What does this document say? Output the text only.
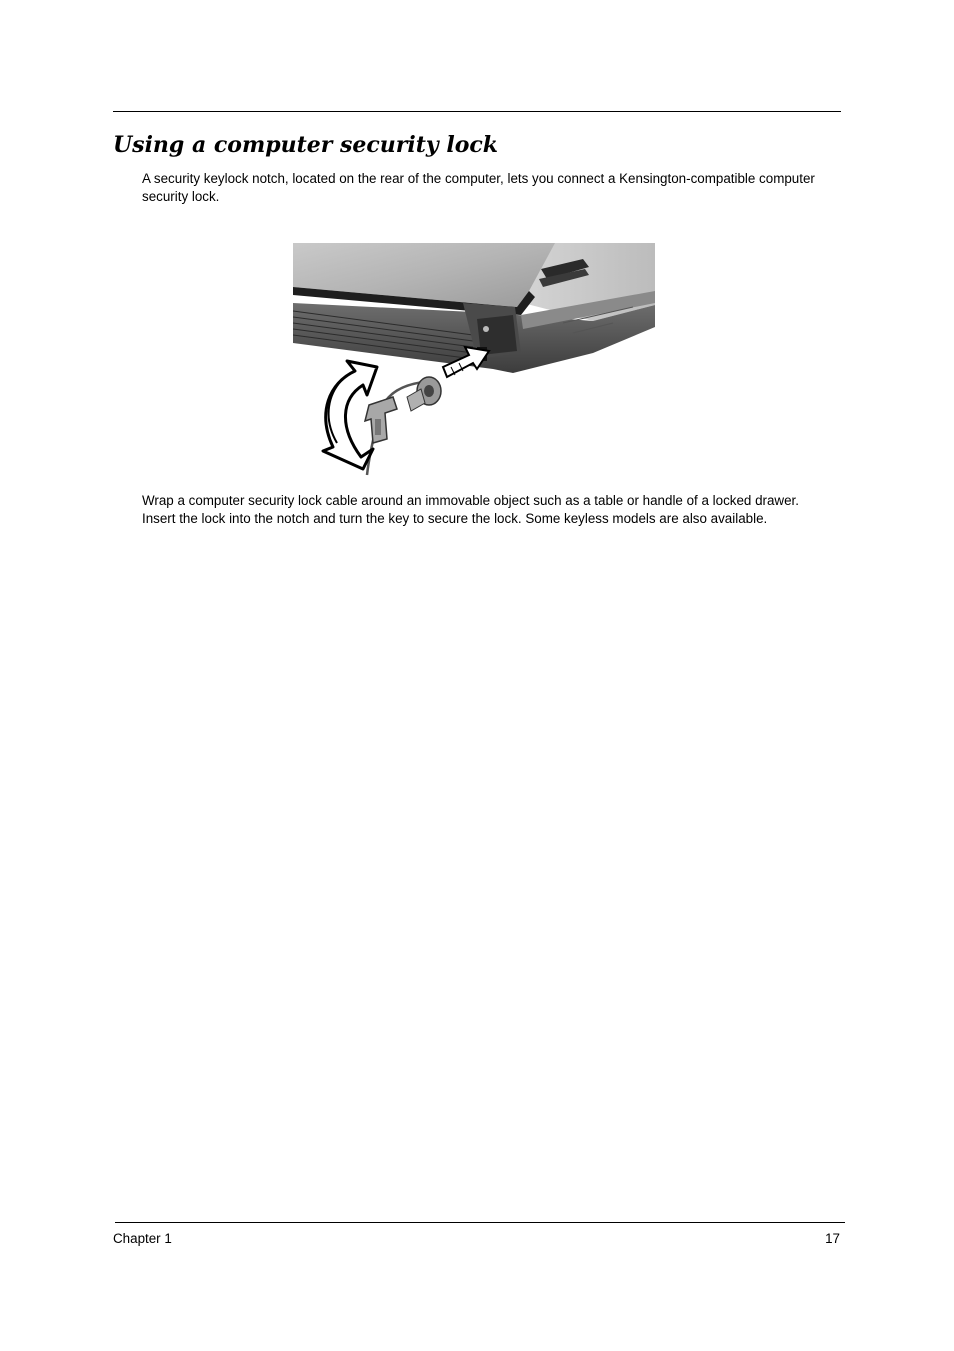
Using a computer security lock

A security keylock notch, located on the rear of the computer, lets you connect a Kensington-compatible computer security lock.

Wrap a computer security lock cable around an immovable object such as a table or handle of a locked drawer. Insert the lock into the notch and turn the key to secure the lock. Some keyless models are also available.

Chapter 1	17
